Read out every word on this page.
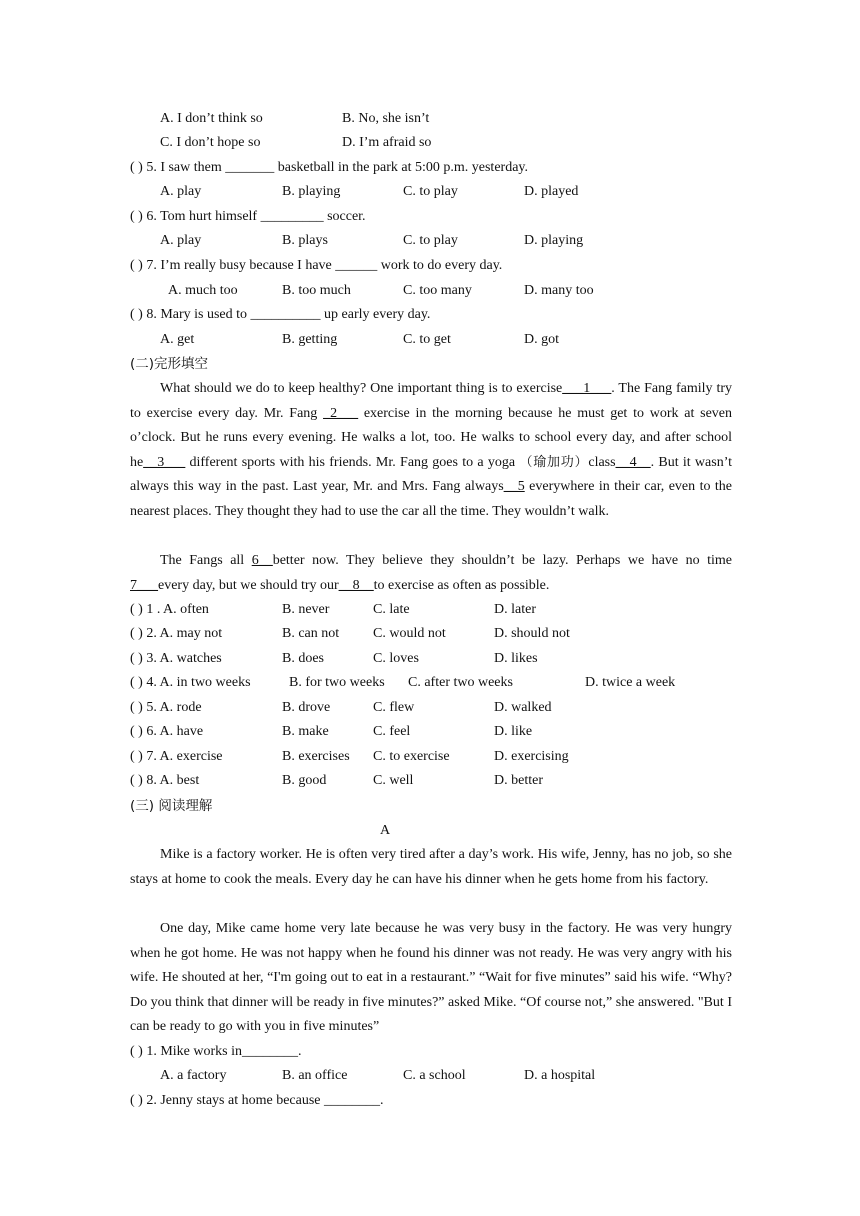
A. I don’t think so	B. No, she isn’t
C. I don’t hope so	D. I’m afraid so
( ) 5. I saw them _______ basketball in the park at 5:00 p.m. yesterday.
A. play	B. playing	C. to play	D. played
( ) 6. Tom hurt himself _________ soccer.
A. play	B. plays	C. to play	D. playing
( ) 7. I’m really busy because I have ______ work to do every day.
A. much too	B. too much	C. too many	D. many too
( ) 8. Mary is used to __________ up early every day.
A. get	B. getting	C. to get	D. got
(二)完形填空
What should we do to keep healthy? One important thing is to exercise___1___. The Fang family try to exercise every day. Mr. Fang _2___ exercise in the morning because he must get to work at seven o’clock. But he runs every evening. He walks a lot, too. He walks to school every day, and after school he__3___ different sports with his friends. Mr. Fang goes to a yoga （瑜加功）class__4__. But it wasn’t always this way in the past. Last year, Mr. and Mrs. Fang always__5 everywhere in their car, even to the nearest places. They thought they had to use the car all the time. They wouldn’t walk.
The Fangs all 6__better now. They believe they shouldn’t be lazy. Perhaps we have no time 7___every day, but we should try our__8__to exercise as often as possible.
( ) 1 . A. often	B. never	C. late	D. later
( ) 2. A. may not	B. can not C. would not	D. should not
( ) 3. A. watches	B. does	C. loves	D. likes
( ) 4. A. in two weeks	B. for two weeks C. after two weeks	D. twice a week
( ) 5. A. rode	B. drove	C. flew	D. walked
( ) 6. A. have	B. make	C. feel	D. like
( ) 7. A. exercise	B. exercises C. to exercise	D. exercising
( ) 8. A. best	B. good	C. well	D. better
(三) 阅读理解
A
Mike is a factory worker. He is often very tired after a day’s work. His wife, Jenny, has no job, so she stays at home to cook the meals. Every day he can have his dinner when he gets home from his factory.
One day, Mike came home very late because he was very busy in the factory. He was very hungry when he got home. He was not happy when he found his dinner was not ready. He was very angry with his wife. He shouted at her, “I'm going out to eat in a restaurant.” “Wait for five minutes” said his wife. “Why? Do you think that dinner will be ready in five minutes?” asked Mike. “Of course not,” she answered. "But I can be ready to go with you in five minutes”
( ) 1. Mike works in________.
A. a factory	B. an office	C. a school	D. a hospital
( ) 2. Jenny stays at home because ________.
